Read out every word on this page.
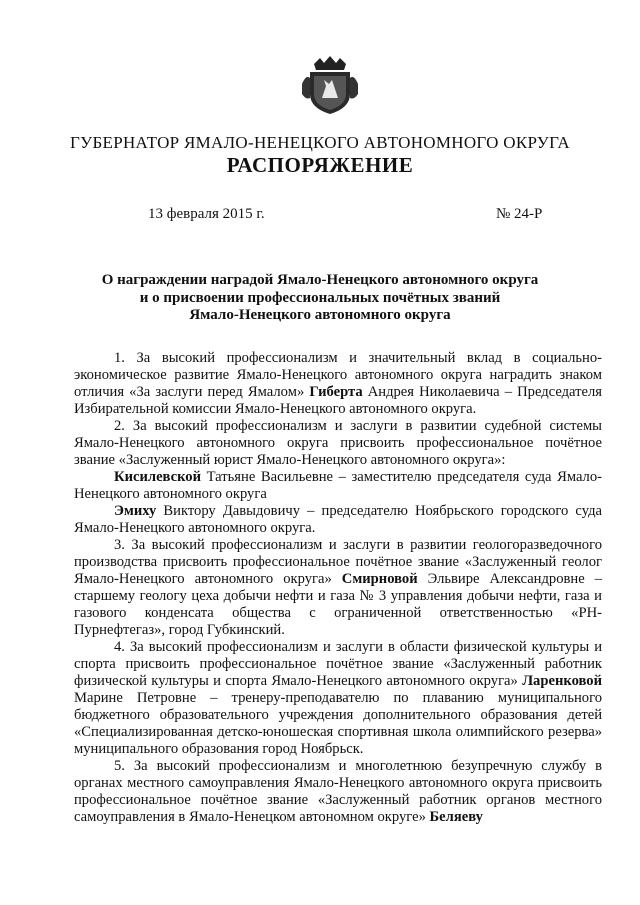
ГУБЕРНАТОР ЯМАЛО-НЕНЕЦКОГО АВТОНОМНОГО ОКРУГА
РАСПОРЯЖЕНИЕ
13 февраля 2015 г.	№ 24-Р
О награждении наградой Ямало-Ненецкого автономного округа
и о присвоении профессиональных почётных званий
Ямало-Ненецкого автономного округа

1. За высокий профессионализм и значительный вклад в социально-экономическое развитие Ямало-Ненецкого автономного округа наградить знаком отличия «За заслуги перед Ямалом» Гиберта Андрея Николаевича – Председателя Избирательной комиссии Ямало-Ненецкого автономного округа.

2. За высокий профессионализм и заслуги в развитии судебной системы Ямало-Ненецкого автономного округа присвоить профессиональное почётное звание «Заслуженный юрист Ямало-Ненецкого автономного округа»:

Кисилевской Татьяне Васильевне – заместителю председателя суда Ямало-Ненецкого автономного округа

Эмиху Виктору Давыдовичу – председателю Ноябрьского городского суда Ямало-Ненецкого автономного округа.

3. За высокий профессионализм и заслуги в развитии геологоразведочного производства присвоить профессиональное почётное звание «Заслуженный геолог Ямало-Ненецкого автономного округа» Смирновой Эльвире Александровне – старшему геологу цеха добычи нефти и газа № 3 управления добычи нефти, газа и газового конденсата общества с ограниченной ответственностью «РН-Пурнефтегаз», город Губкинский.

4. За высокий профессионализм и заслуги в области физической культуры и спорта присвоить профессиональное почётное звание «Заслуженный работник физической культуры и спорта Ямало-Ненецкого автономного округа» Ларенковой Марине Петровне – тренеру-преподавателю по плаванию муниципального бюджетного образовательного учреждения дополнительного образования детей «Специализированная детско-юношеская спортивная школа олимпийского резерва» муниципального образования город Ноябрьск.

5. За высокий профессионализм и многолетнюю безупречную службу в органах местного самоуправления Ямало-Ненецкого автономного округа присвоить профессиональное почётное звание «Заслуженный работник органов местного самоуправления в Ямало-Ненецком автономном округе» Беляеву
